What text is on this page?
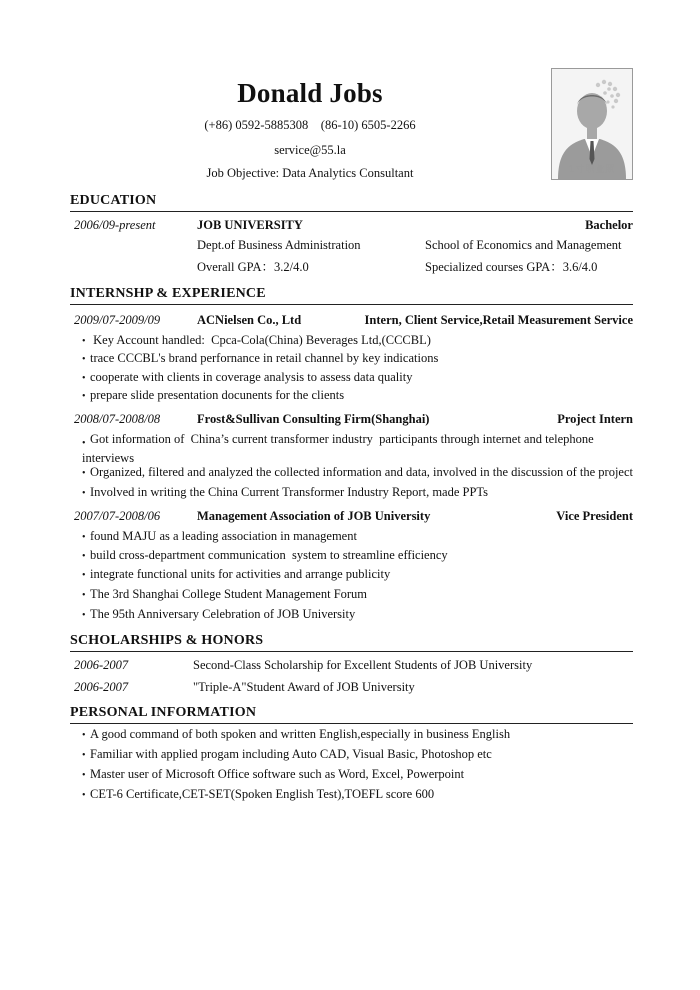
Donald Jobs
(+86) 0592-5885308    (86-10) 6505-2266
service@55.la
Job Objective: Data Analytics Consultant	1寸职业照
EDUCATION
2006/09-present	JOB UNIVERSITY	Bachelor
Dept.of Business Administration	School of Economics and Management
Overall GPA：3.2/4.0	Specialized courses GPA：3.6/4.0
INTERNSHP & EXPERIENCE
2009/07-2009/09	ACNielsen Co., Ltd	Intern, Client Service,Retail Measurement Service
• Key Account handled:  Cpca-Cola(China) Beverages Ltd,(CCCBL)
• trace CCCBL's brand perfornance in retail channel by key indications
• cooperate with clients in coverage analysis to assess data quality
• prepare slide presentation docunents for the clients
2008/07-2008/08	Frost&Sullivan Consulting Firm(Shanghai)	Project Intern
• Got information of  China’s current transformer industry  participants through internet and telephone interviews
• Organized, filtered and analyzed the collected information and data, involved in the discussion of the project
• Involved in writing the China Current Transformer Industry Report, made PPTs
2007/07-2008/06	Management Association of JOB University	Vice President
• found MAJU as a leading association in management
• build cross-department communication  system to streamline efficiency
• integrate functional units for activities and arrange publicity
• The 3rd Shanghai College Student Management Forum
• The 95th Anniversary Celebration of JOB University
SCHOLARSHIPS & HONORS
2006-2007	Second-Class Scholarship for Excellent Students of JOB University
2006-2007	"Triple-A"Student Award of JOB University
PERSONAL INFORMATION
• A good command of both spoken and written English,especially in business English
• Familiar with applied progam including Auto CAD, Visual Basic, Photoshop etc
• Master user of Microsoft Office software such as Word, Excel, Powerpoint
• CET-6 Certificate,CET-SET(Spoken English Test),TOEFL score 600
